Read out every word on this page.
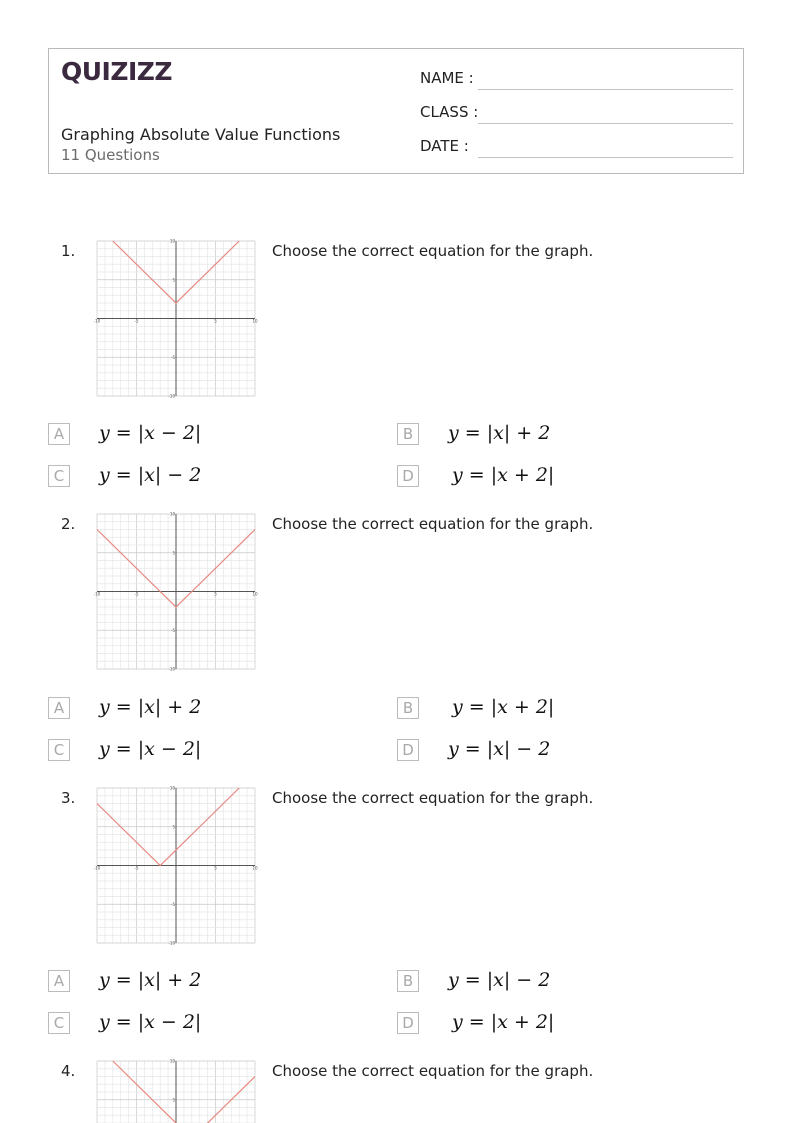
QUIZIZZ
Graphing Absolute Value Functions
11 Questions
NAME :
CLASS :
DATE :
1.
-10	-5	5	10
10
5
-5
-10
Choose the correct equation for the graph.
A	y = |x − 2|	B	y = |x| + 2
C	y = |x| − 2	D y = |x + 2|
2.
-10	-5	5	10
10
5
-5
-10
Choose the correct equation for the graph.
A	y = |x| + 2	B	y = |x + 2|
C	y = |x − 2|	D y = |x| − 2
3.
-10	-5	5	10
10
5
-5
-10
Choose the correct equation for the graph.
A	y = |x| + 2	B	y = |x| − 2
C	y = |x − 2|	D y = |x + 2|
4.
10
5
Choose the correct equation for the graph.
